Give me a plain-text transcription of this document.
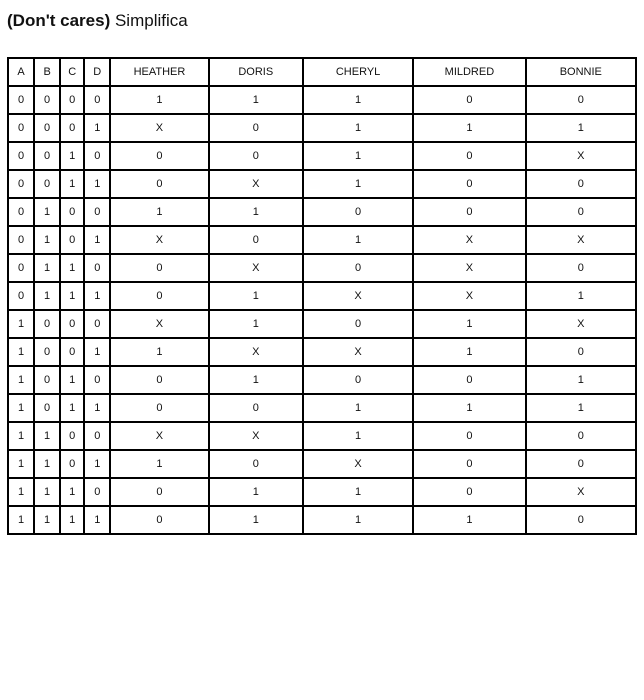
(Don't cares) Simplifica
A	B	C	D	HEATHER	DORIS	CHERYL	MILDRED	BONNIE
0	0	0	0	1	1	1	0	0
0	0	0	1	X	0	1	1	1
0	0	1	0	0	0	1	0	X
0	0	1	1	0	X	1	0	0
0	1	0	0	1	1	0	0	0
0	1	0	1	X	0	1	X	X
0	1	1	0	0	X	0	X	0
0	1	1	1	0	1	X	X	1
1	0	0	0	X	1	0	1	X
1	0	0	1	1	X	X	1	0
1	0	1	0	0	1	0	0	1
1	0	1	1	0	0	1	1	1
1	1	0	0	X	X	1	0	0
1	1	0	1	1	0	X	0	0
1	1	1	0	0	1	1	0	X
1	1	1	1	0	1	1	1	0
